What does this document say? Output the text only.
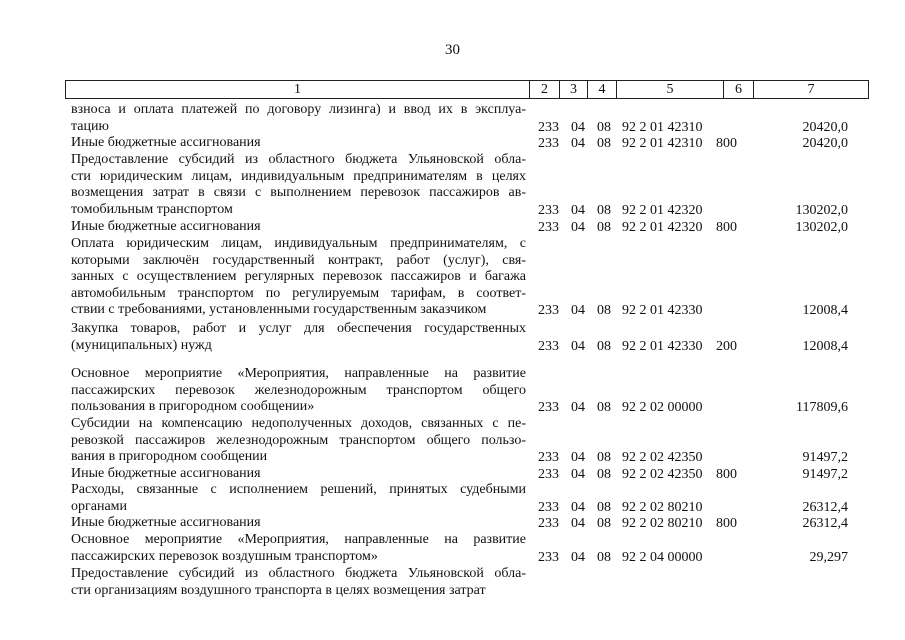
30
1	2	3	4	5	6	7
взноса и оплата платежей по договору лизинга) и ввод их в эксплуа-
тацию	233 04 08 92 2 01 42310	20420,0
Иные бюджетные ассигнования	233 04 08 92 2 01 42310 800	20420,0
Предоставление субсидий из областного бюджета Ульяновской обла-
сти юридическим лицам, индивидуальным предпринимателям в целях
возмещения затрат в связи с выполнением перевозок пассажиров ав-
томобильным транспортом	233 04 08 92 2 01 42320	130202,0
Иные бюджетные ассигнования	233 04 08 92 2 01 42320 800	130202,0
Оплата юридическим лицам, индивидуальным предпринимателям, с
которыми заключён государственный контракт, работ (услуг), свя-
занных с осуществлением регулярных перевозок пассажиров и багажа
автомобильным транспортом по регулируемым тарифам, в соответ-
ствии с требованиями, установленными государственным заказчиком	233 04 08 92 2 01 42330	12008,4
Закупка товаров, работ и услуг для обеспечения государственных
(муниципальных) нужд	233 04 08 92 2 01 42330 200	12008,4
Основное мероприятие «Мероприятия, направленные на развитие
пассажирских перевозок железнодорожным транспортом общего
пользования в пригородном сообщении»	233 04 08 92 2 02 00000	117809,6
Субсидии на компенсацию недополученных доходов, связанных с пе-
ревозкой пассажиров железнодорожным транспортом общего пользо-
вания в пригородном сообщении	233 04 08 92 2 02 42350	91497,2
Иные бюджетные ассигнования	233 04 08 92 2 02 42350 800	91497,2
Расходы, связанные с исполнением решений, принятых судебными
органами	233 04 08 92 2 02 80210	26312,4
Иные бюджетные ассигнования	233 04 08 92 2 02 80210 800	26312,4
Основное мероприятие «Мероприятия, направленные на развитие
пассажирских перевозок воздушным транспортом»	233 04 08 92 2 04 00000	29,297
Предоставление субсидий из областного бюджета Ульяновской обла-
сти организациям воздушного транспорта в целях возмещения затрат
